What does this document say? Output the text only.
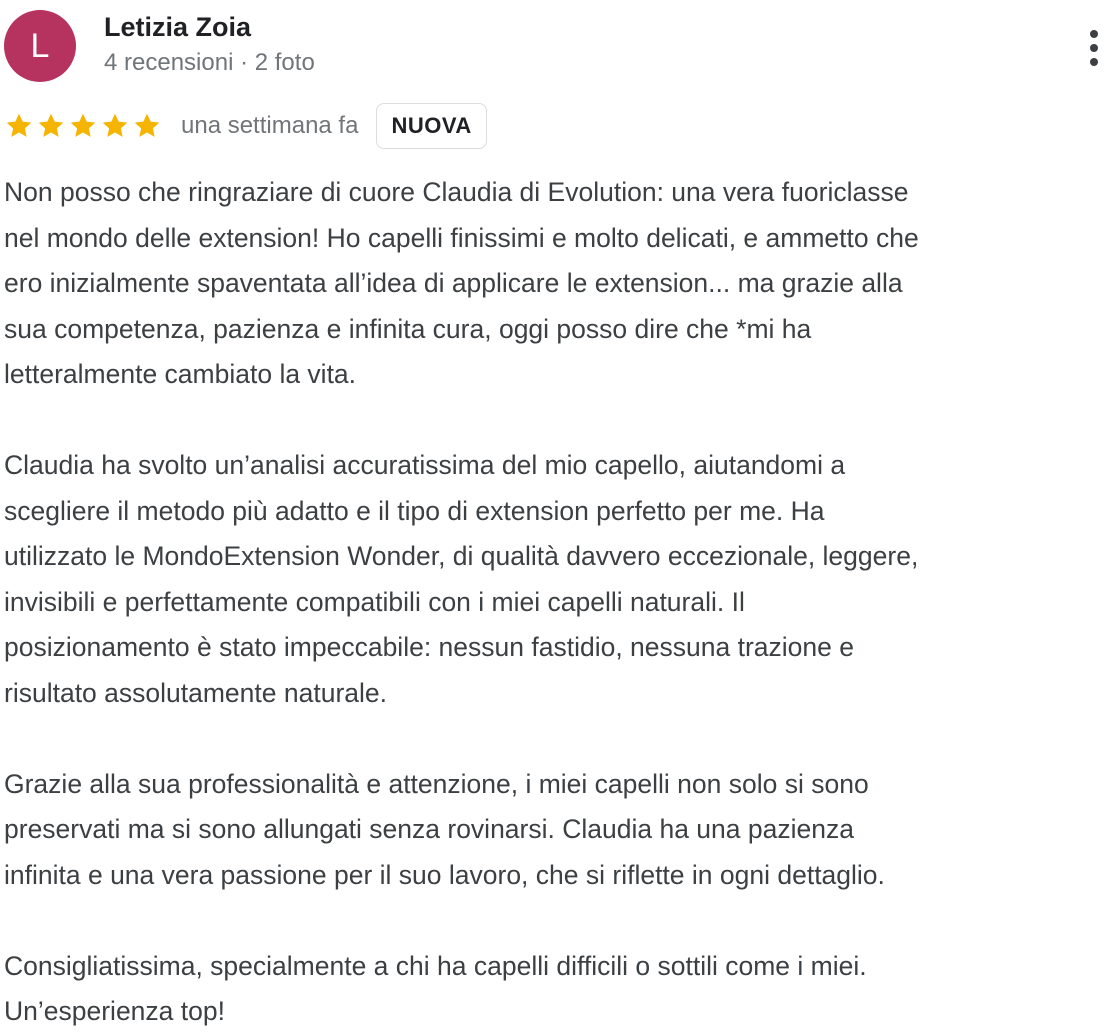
L	Letizia Zoia
4 recensioni · 2 foto
una settimana fa	NUOVA

Non posso che ringraziare di cuore Claudia di Evolution: una vera fuoriclasse
nel mondo delle extension! Ho capelli finissimi e molto delicati, e ammetto che
ero inizialmente spaventata all’idea di applicare le extension... ma grazie alla
sua competenza, pazienza e infinita cura, oggi posso dire che *mi ha
letteralmente cambiato la vita.

Claudia ha svolto un’analisi accuratissima del mio capello, aiutandomi a
scegliere il metodo più adatto e il tipo di extension perfetto per me. Ha
utilizzato le MondoExtension Wonder, di qualità davvero eccezionale, leggere,
invisibili e perfettamente compatibili con i miei capelli naturali. Il
posizionamento è stato impeccabile: nessun fastidio, nessuna trazione e
risultato assolutamente naturale.

Grazie alla sua professionalità e attenzione, i miei capelli non solo si sono
preservati ma si sono allungati senza rovinarsi. Claudia ha una pazienza
infinita e una vera passione per il suo lavoro, che si riflette in ogni dettaglio.

Consigliatissima, specialmente a chi ha capelli difficili o sottili come i miei.
Un’esperienza top!
